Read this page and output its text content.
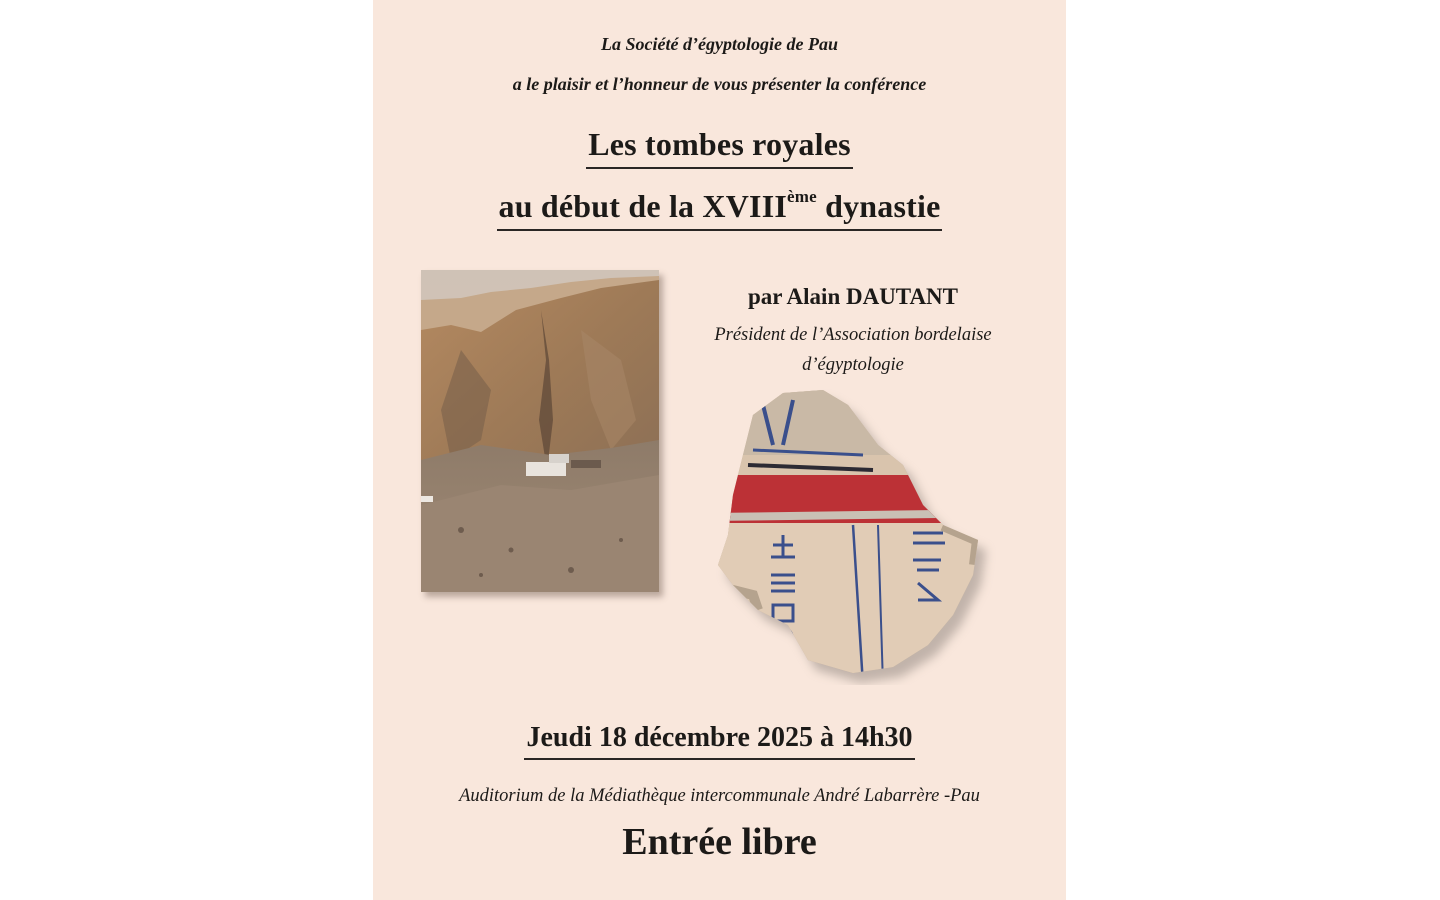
La Société d’égyptologie de Pau
a le plaisir et l’honneur de vous présenter la conférence
Les tombes royales
au début de la XVIIIème dynastie
par Alain DAUTANT
Président de l’Association bordelaise
d’égyptologie
Jeudi 18 décembre 2025 à 14h30
Auditorium de la Médiathèque intercommunale André Labarrère -Pau
Entrée libre
